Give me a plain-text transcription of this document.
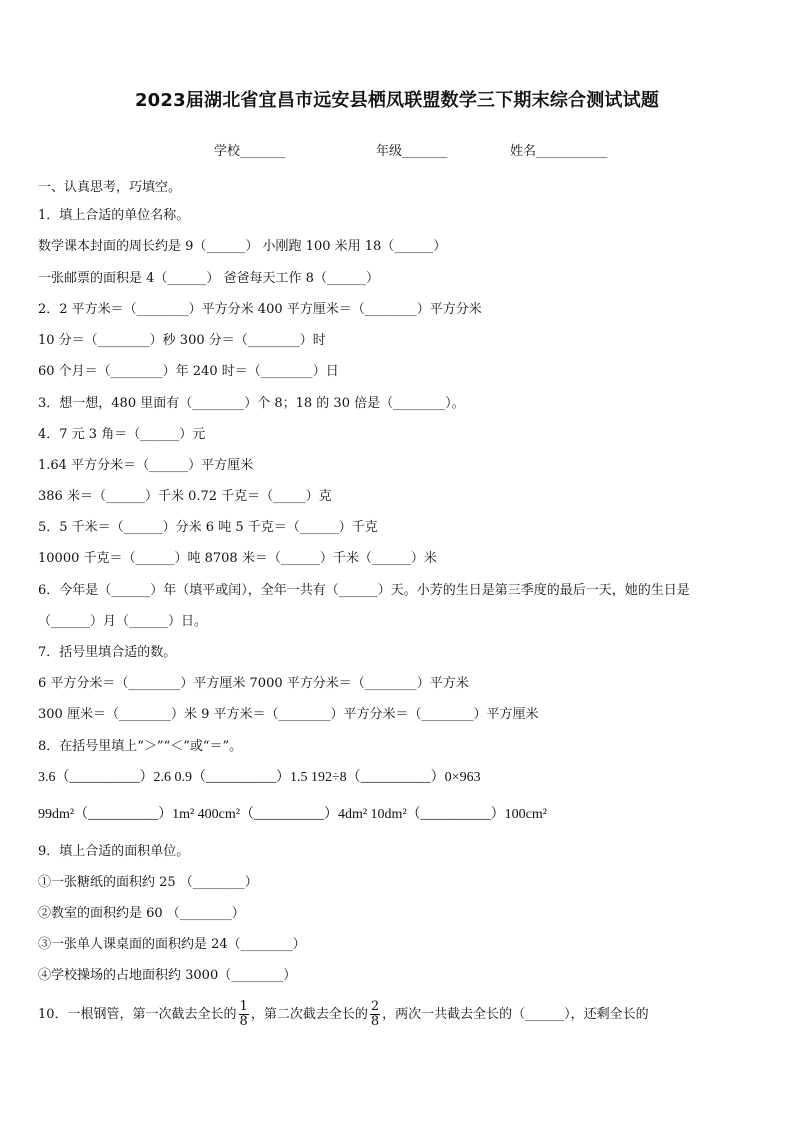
2023届湖北省宜昌市远安县栖凤联盟数学三下期末综合测试试题
学校_______	年级_______	姓名___________
一、认真思考，巧填空。
1．填上合适的单位名称。
数学课本封面的周长约是 9（______） 小刚跑 100 米用 18（______）
一张邮票的面积是 4（______） 爸爸每天工作 8（______）
2．2 平方米＝（________）平方分米 400 平方厘米＝（________）平方分米
10 分＝（________）秒 300 分＝（________）时
60 个月＝（________）年 240 时＝（________）日
3．想一想，480 里面有（________）个 8；18 的 30 倍是（________）。
4．7 元 3 角＝（______）元
1.64 平方分米＝（______）平方厘米
386 米＝（______）千米 0.72 千克＝（_____）克
5．5 千米＝（______）分米 6 吨 5 千克＝（______）千克
10000 千克＝（______）吨 8708 米＝（______）千米（______）米
6．今年是（______）年（填平或闰），全年一共有（______）天。小芳的生日是第三季度的最后一天，她的生日是
（______）月（______）日。
7．括号里填合适的数。
6 平方分米＝（________）平方厘米 7000 平方分米＝（________）平方米
300 厘米＝（________）米 9 平方米＝（________）平方分米＝（________）平方厘米
8．在括号里填上“＞”“＜”或“＝”。
3.6（__________）2.6 0.9（__________）1.5 192÷8（__________）0×963
99dm²（__________）1m² 400cm²（__________）4dm² 10dm²（__________）100cm²
9．填上合适的面积单位。
①一张糖纸的面积约 25 （________）
②教室的面积约是 60 （________）
③一张单人课桌面的面积约是 24（________）
④学校操场的占地面积约 3000（________）
10．一根钢管，第一次截去全长的 $\frac{1}{8}$ ，第二次截去全长的 $\frac{2}{8}$ ，两次一共截去全长的（______），还剩全长的
